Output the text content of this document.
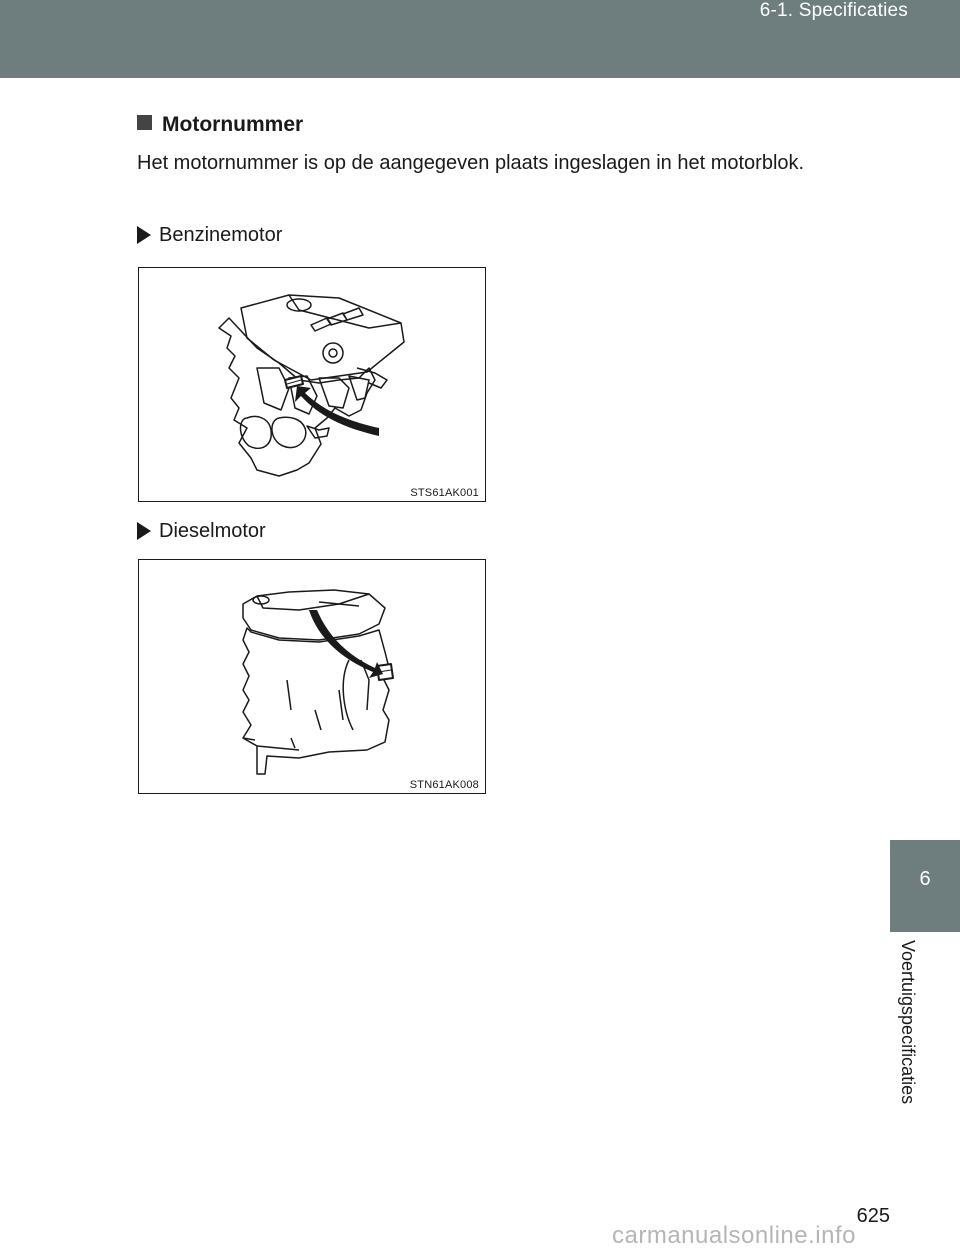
6-1. Specificaties
6
Voertuigspecificaties
Motornummer
Het motornummer is op de aangegeven plaats ingeslagen in het motorblok.
Benzinemotor
STS61AK001
Dieselmotor
STN61AK008
625
carmanualsonline.info
